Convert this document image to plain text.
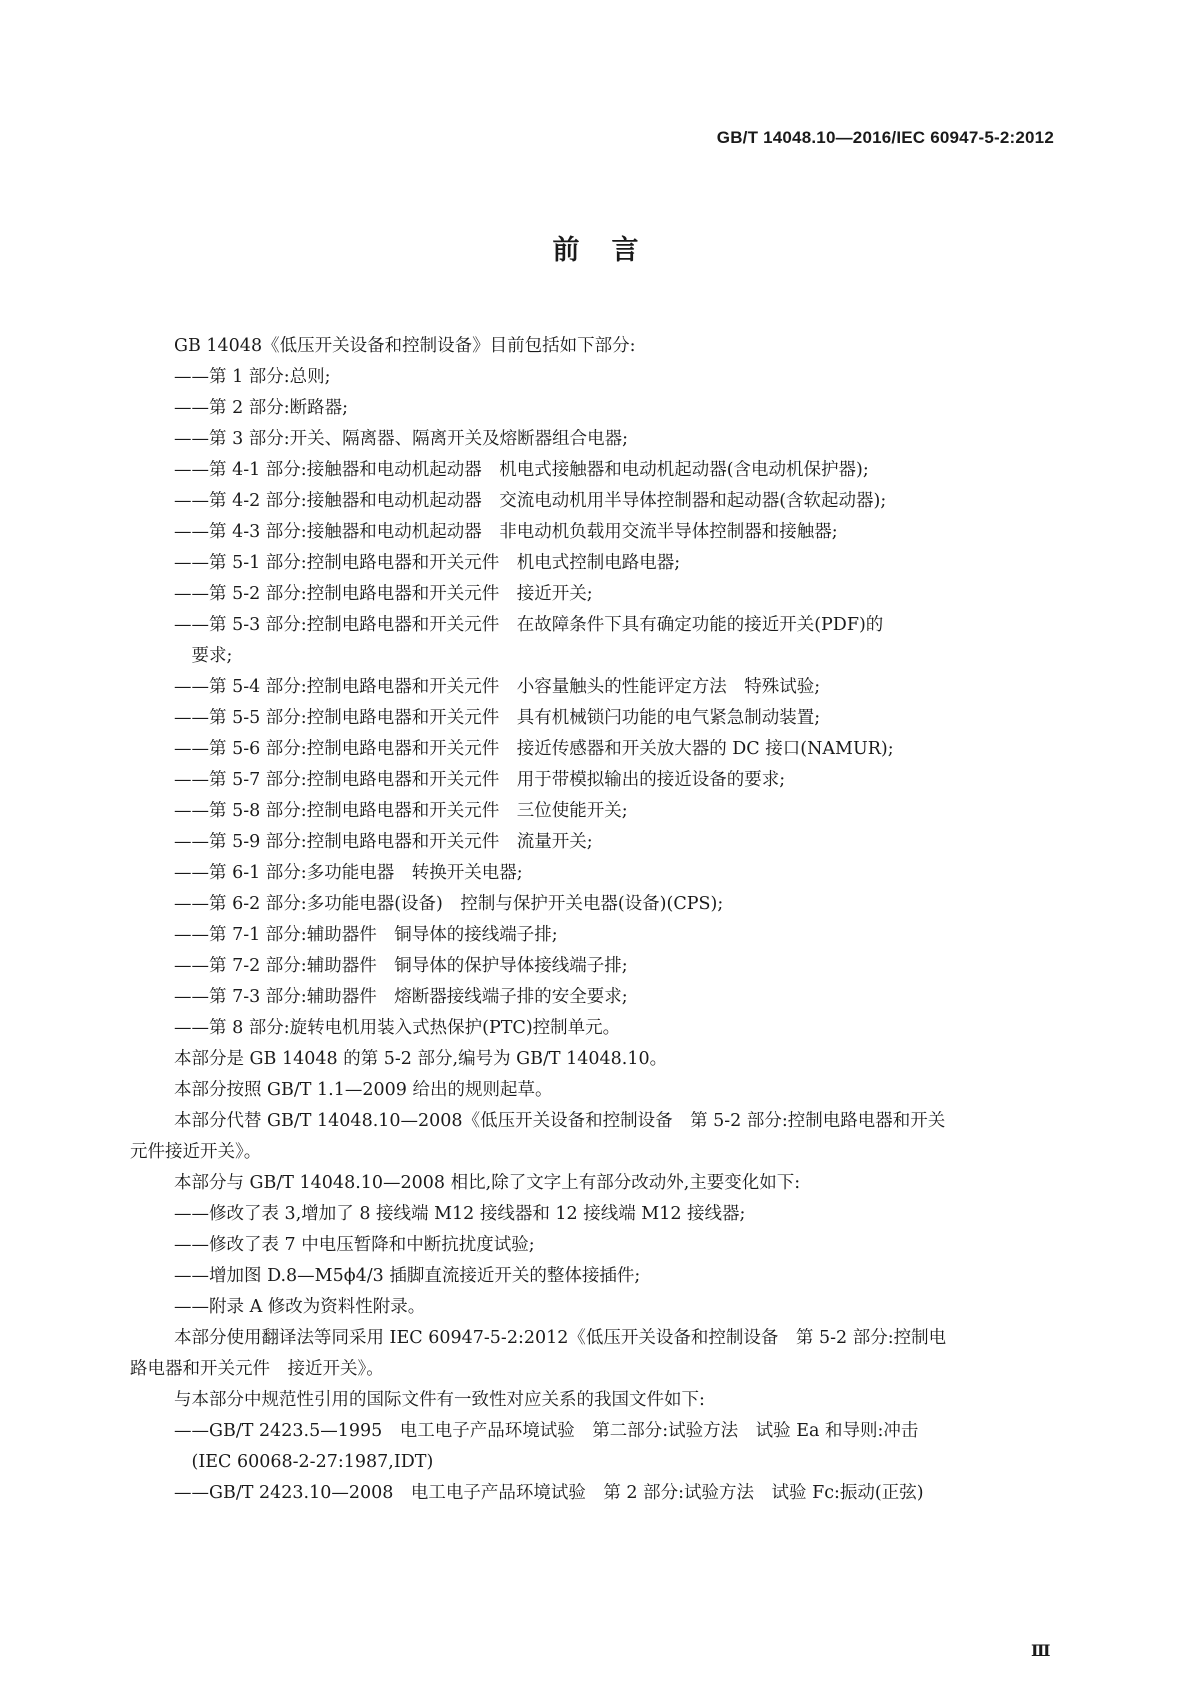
GB/T 14048.10—2016/IEC 60947-5-2:2012
前言
GB 14048《低压开关设备和控制设备》目前包括如下部分:
——第 1 部分:总则;
——第 2 部分:断路器;
——第 3 部分:开关、隔离器、隔离开关及熔断器组合电器;
——第 4-1 部分:接触器和电动机起动器　机电式接触器和电动机起动器(含电动机保护器);
——第 4-2 部分:接触器和电动机起动器　交流电动机用半导体控制器和起动器(含软起动器);
——第 4-3 部分:接触器和电动机起动器　非电动机负载用交流半导体控制器和接触器;
——第 5-1 部分:控制电路电器和开关元件　机电式控制电路电器;
——第 5-2 部分:控制电路电器和开关元件　接近开关;
——第 5-3 部分:控制电路电器和开关元件　在故障条件下具有确定功能的接近开关(PDF)的
　要求;
——第 5-4 部分:控制电路电器和开关元件　小容量触头的性能评定方法　特殊试验;
——第 5-5 部分:控制电路电器和开关元件　具有机械锁闩功能的电气紧急制动装置;
——第 5-6 部分:控制电路电器和开关元件　接近传感器和开关放大器的 DC 接口(NAMUR);
——第 5-7 部分:控制电路电器和开关元件　用于带模拟输出的接近设备的要求;
——第 5-8 部分:控制电路电器和开关元件　三位使能开关;
——第 5-9 部分:控制电路电器和开关元件　流量开关;
——第 6-1 部分:多功能电器　转换开关电器;
——第 6-2 部分:多功能电器(设备)　控制与保护开关电器(设备)(CPS);
——第 7-1 部分:辅助器件　铜导体的接线端子排;
——第 7-2 部分:辅助器件　铜导体的保护导体接线端子排;
——第 7-3 部分:辅助器件　熔断器接线端子排的安全要求;
——第 8 部分:旋转电机用装入式热保护(PTC)控制单元。
本部分是 GB 14048 的第 5-2 部分,编号为 GB/T 14048.10。
本部分按照 GB/T 1.1—2009 给出的规则起草。
本部分代替 GB/T 14048.10—2008《低压开关设备和控制设备　第 5-2 部分:控制电路电器和开关
元件接近开关》。
本部分与 GB/T 14048.10—2008 相比,除了文字上有部分改动外,主要变化如下:
——修改了表 3,增加了 8 接线端 M12 接线器和 12 接线端 M12 接线器;
——修改了表 7 中电压暂降和中断抗扰度试验;
——增加图 D.8—M5ϕ4/3 插脚直流接近开关的整体接插件;
——附录 A 修改为资料性附录。
本部分使用翻译法等同采用 IEC 60947-5-2:2012《低压开关设备和控制设备　第 5-2 部分:控制电
路电器和开关元件　接近开关》。
与本部分中规范性引用的国际文件有一致性对应关系的我国文件如下:
——GB/T 2423.5—1995　电工电子产品环境试验　第二部分:试验方法　试验 Ea 和导则:冲击
　(IEC 60068-2-27:1987,IDT)
——GB/T 2423.10—2008　电工电子产品环境试验　第 2 部分:试验方法　试验 Fc:振动(正弦)
Ⅲ
